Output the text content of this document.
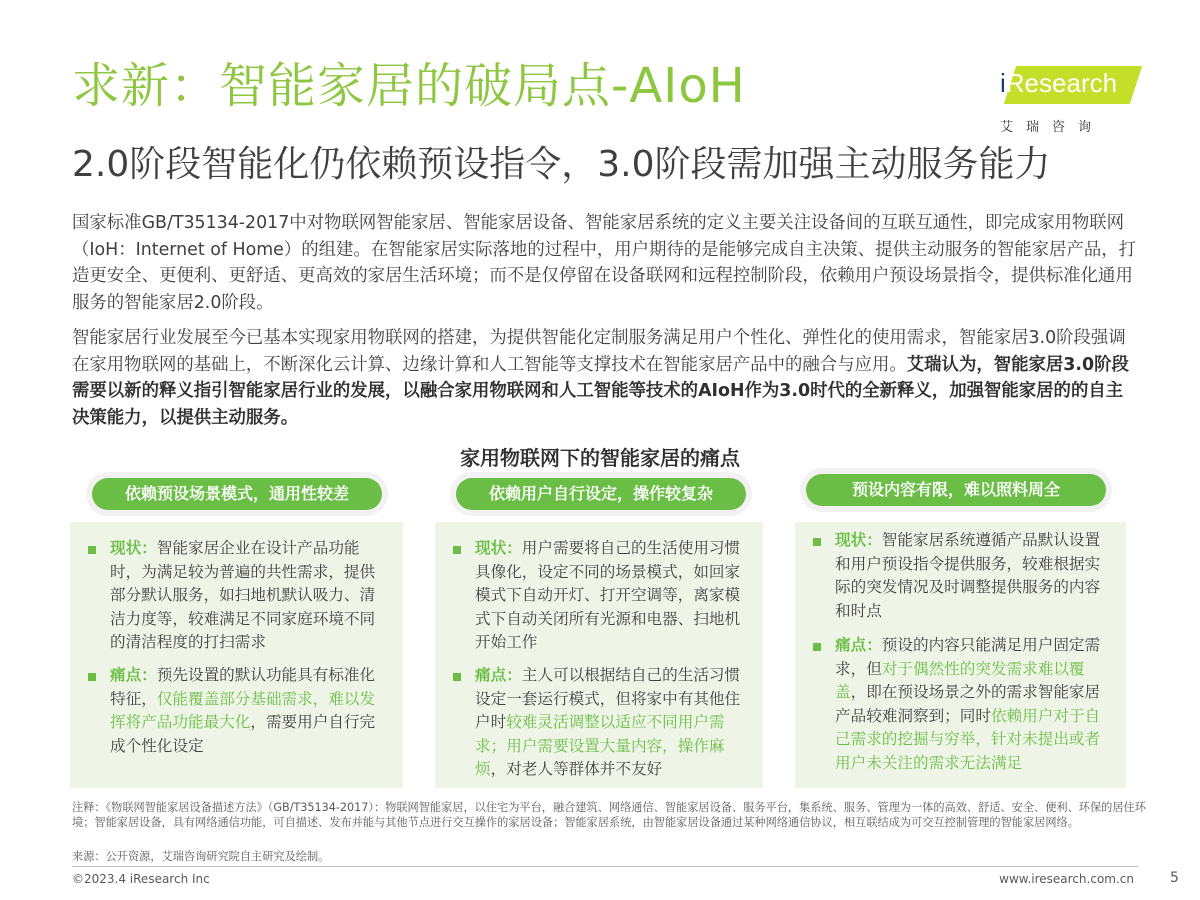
求新：智能家居的破局点-AIoH
2.0阶段智能化仍依赖预设指令，3.0阶段需加强主动服务能力
iResearch
艾瑞咨询

国家标准GB/T35134-2017中对物联网智能家居、智能家居设备、智能家居系统的定义主要关注设备间的互联互通性，即完成家用物联网（IoH：Internet of Home）的组建。在智能家居实际落地的过程中，用户期待的是能够完成自主决策、提供主动服务的智能家居产品，打造更安全、更便利、更舒适、更高效的家居生活环境；而不是仅停留在设备联网和远程控制阶段，依赖用户预设场景指令，提供标准化通用服务的智能家居2.0阶段。

智能家居行业发展至今已基本实现家用物联网的搭建，为提供智能化定制服务满足用户个性化、弹性化的使用需求，智能家居3.0阶段强调在家用物联网的基础上，不断深化云计算、边缘计算和人工智能等支撑技术在智能家居产品中的融合与应用。艾瑞认为，智能家居3.0阶段需要以新的释义指引智能家居行业的发展，以融合家用物联网和人工智能等技术的AIoH作为3.0时代的全新释义，加强智能家居的的自主决策能力，以提供主动服务。

家用物联网下的智能家居的痛点
依赖预设场景模式，通用性较差
现状：智能家居企业在设计产品功能时，为满足较为普遍的共性需求，提供部分默认服务，如扫地机默认吸力、清洁力度等，较难满足不同家庭环境不同的清洁程度的打扫需求
痛点：预先设置的默认功能具有标准化特征，仅能覆盖部分基础需求，难以发挥将产品功能最大化，需要用户自行完成个性化设定
依赖用户自行设定，操作较复杂
现状：用户需要将自己的生活使用习惯具像化，设定不同的场景模式，如回家模式下自动开灯、打开空调等，离家模式下自动关闭所有光源和电器、扫地机开始工作
痛点：主人可以根据结自己的生活习惯设定一套运行模式，但将家中有其他住户时较难灵活调整以适应不同用户需求；用户需要设置大量内容，操作麻烦，对老人等群体并不友好
预设内容有限，难以照料周全
现状：智能家居系统遵循产品默认设置和用户预设指令提供服务，较难根据实际的突发情况及时调整提供服务的内容和时点
痛点：预设的内容只能满足用户固定需求，但对于偶然性的突发需求难以覆盖，即在预设场景之外的需求智能家居产品较难洞察到；同时依赖用户对于自己需求的挖掘与穷举，针对未提出或者用户未关注的需求无法满足

注释：《物联网智能家居设备描述方法》（GB/T35134-2017）：物联网智能家居，以住宅为平台，融合建筑、网络通信、智能家居设备、服务平台，集系统、服务、管理为一体的高效、舒适、安全、便利、环保的居住环境；智能家居设备，具有网络通信功能，可自描述、发布并能与其他节点进行交互操作的家居设备；智能家居系统，由智能家居设备通过某种网络通信协议，相互联结成为可交互控制管理的智能家居网络。

来源：公开资源，艾瑞咨询研究院自主研究及绘制。
©2023.4 iResearch Inc	www.iresearch.com.cn	5
